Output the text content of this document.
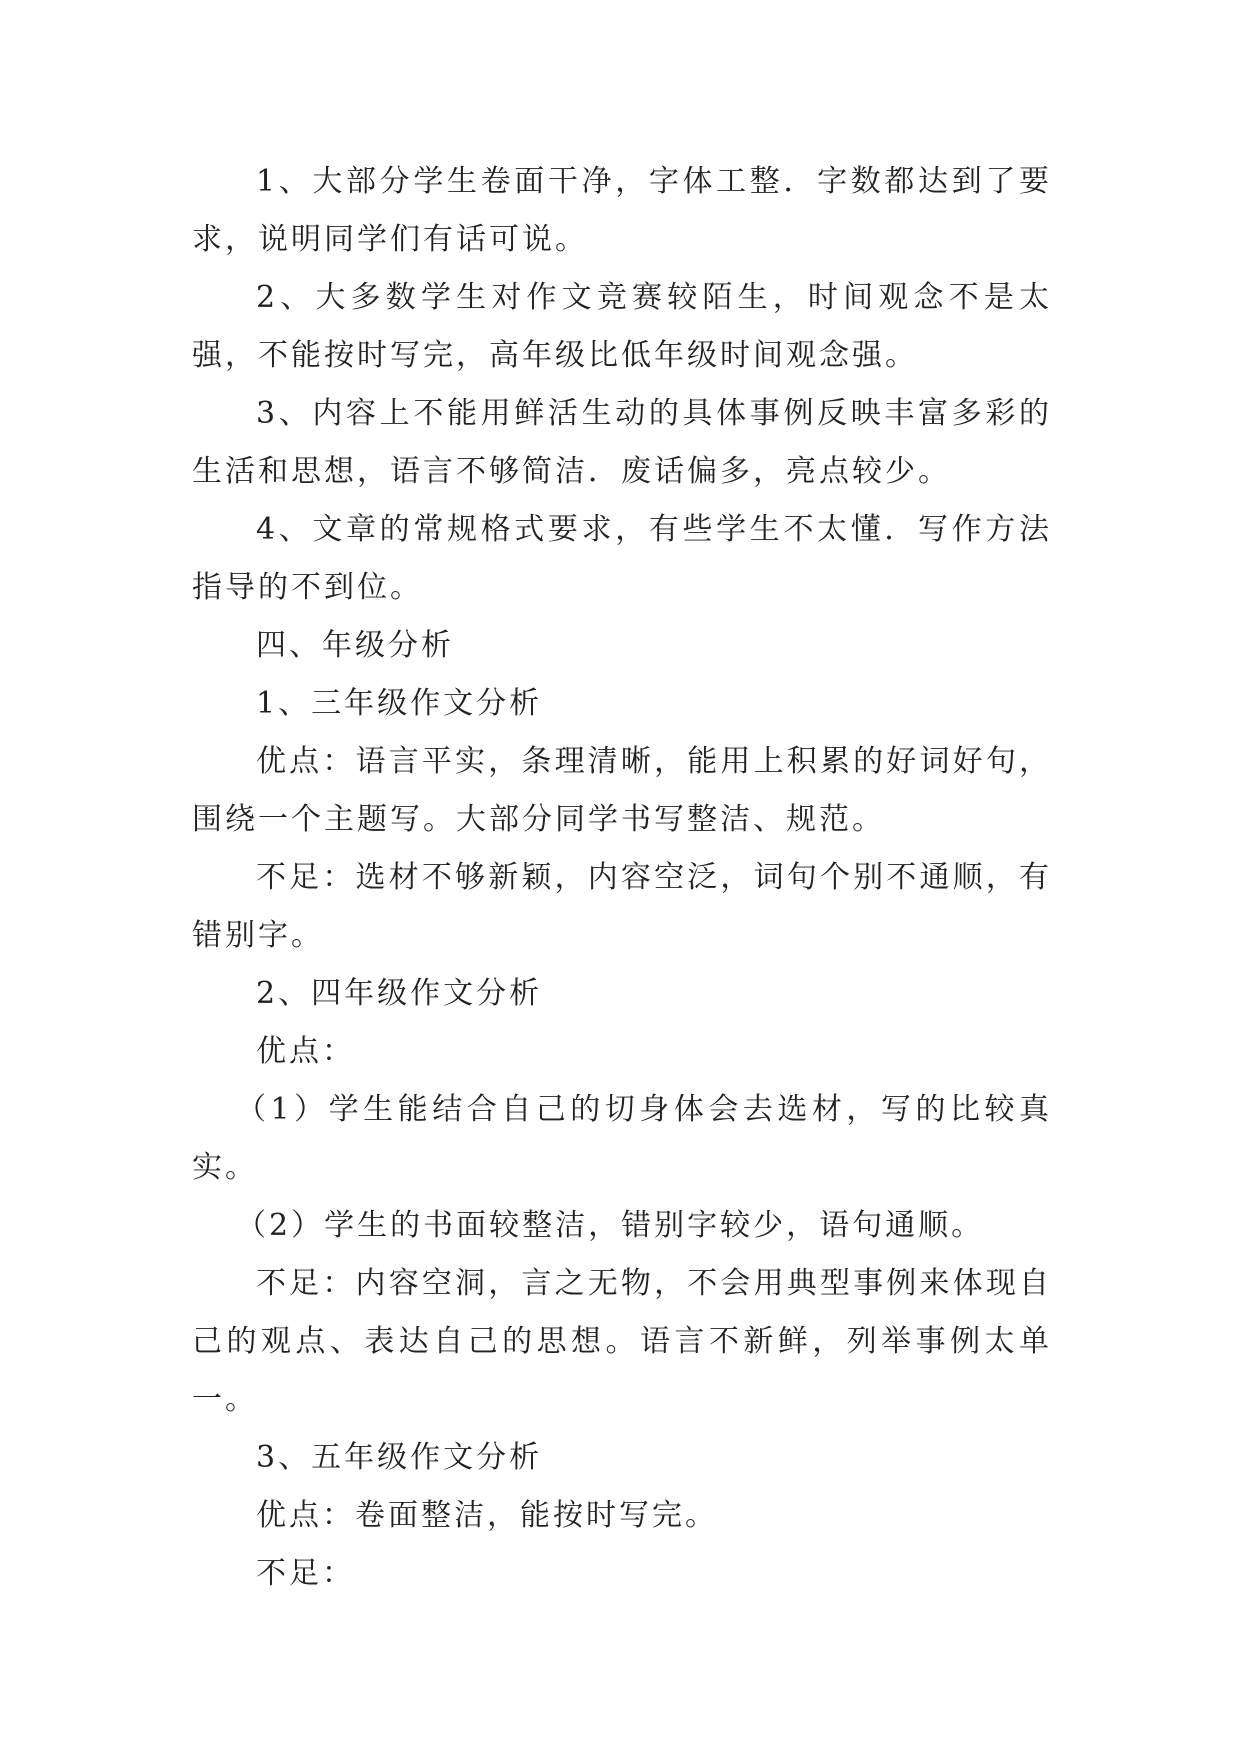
1、大部分学生卷面干净，字体工整．字数都达到了要求，说明同学们有话可说。

2、大多数学生对作文竞赛较陌生，时间观念不是太强，不能按时写完，高年级比低年级时间观念强。

3、内容上不能用鲜活生动的具体事例反映丰富多彩的生活和思想，语言不够简洁．废话偏多，亮点较少。

4、文章的常规格式要求，有些学生不太懂．写作方法指导的不到位。

四、年级分析

1、三年级作文分析

优点：语言平实，条理清晰，能用上积累的好词好句，围绕一个主题写。大部分同学书写整洁、规范。

不足：选材不够新颖，内容空泛，词句个别不通顺，有错别字。

2、四年级作文分析

优点：

（1）学生能结合自己的切身体会去选材，写的比较真实。

（2）学生的书面较整洁，错别字较少，语句通顺。

不足：内容空洞，言之无物，不会用典型事例来体现自己的观点、表达自己的思想。语言不新鲜，列举事例太单一。

3、五年级作文分析

优点：卷面整洁，能按时写完。

不足：
